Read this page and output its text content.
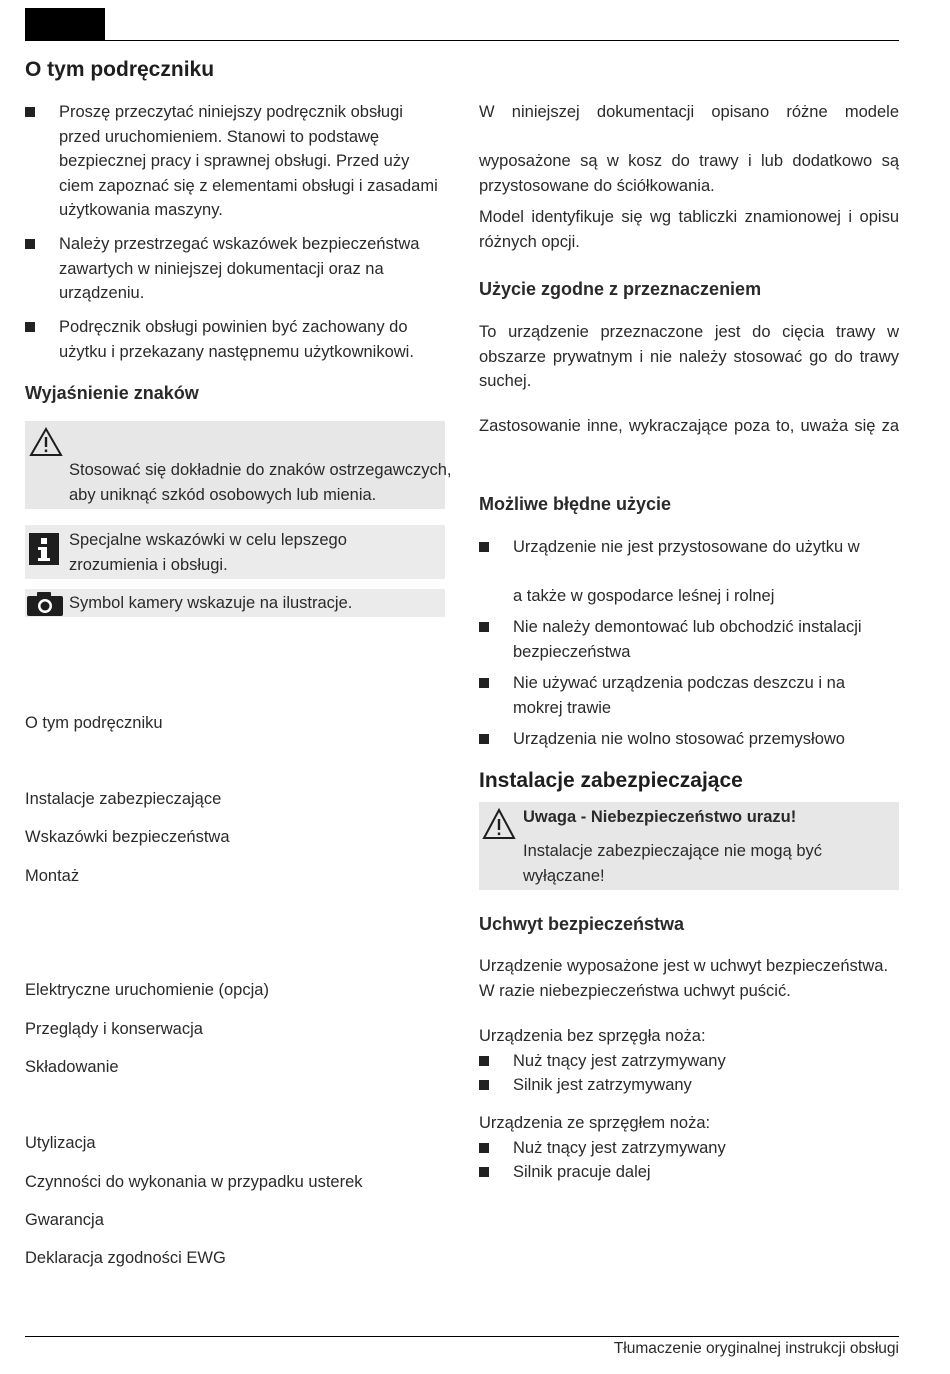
Tłumaczenie oryginalnej instrukcji obsługi
O tym podręczniku
Proszę przeczytać niniejszy podręcznik obsługi
przed uruchomieniem. Stanowi to podstawę
bezpiecznej pracy i sprawnej obsługi. Przed uży
ciem zapoznać się z elementami obsługi i zasadami
użytkowania maszyny.
Należy przestrzegać wskazówek bezpieczeństwa
zawartych w niniejszej dokumentacji oraz na
urządzeniu.
Podręcznik obsługi powinien być zachowany do
użytku i przekazany następnemu użytkownikowi.
Wyjaśnienie znaków
Stosować się dokładnie do znaków ostrzegawczych,
aby uniknąć szkód osobowych lub mienia.
Specjalne wskazówki w celu lepszego
zrozumienia i obsługi.
Symbol kamery wskazuje na ilustracje.
O tym podręczniku
Instalacje zabezpieczające
Wskazówki bezpieczeństwa
Montaż
Elektryczne uruchomienie (opcja)
Przeglądy i konserwacja
Składowanie
Utylizacja
Czynności do wykonania w przypadku usterek
Gwarancja
Deklaracja zgodności EWG
W niniejszej dokumentacji opisano różne modele
wyposażone są w kosz do trawy i lub dodatkowo są
przystosowane do ściółkowania.
Model identyfikuje się wg tabliczki znamionowej i opisu
różnych opcji.
Użycie zgodne z przeznaczeniem
To urządzenie przeznaczone jest do cięcia trawy w
obszarze prywatnym i nie należy stosować go do trawy
suchej.
Zastosowanie inne, wykraczające poza to, uważa się za
Możliwe błędne użycie
Urządzenie nie jest przystosowane do użytku w
a także w gospodarce leśnej i rolnej
Nie należy demontować lub obchodzić instalacji
bezpieczeństwa
Nie używać urządzenia podczas deszczu i na
mokrej trawie
Urządzenia nie wolno stosować przemysłowo
Instalacje zabezpieczające
Uwaga - Niebezpieczeństwo urazu!
Instalacje zabezpieczające nie mogą być
wyłączane!
Uchwyt bezpieczeństwa
Urządzenie wyposażone jest w uchwyt bezpieczeństwa.
W razie niebezpieczeństwa uchwyt puścić.
Urządzenia bez sprzęgła noża:
Nuż tnący jest zatrzymywany
Silnik jest zatrzymywany
Urządzenia ze sprzęgłem noża:
Nuż tnący jest zatrzymywany
Silnik pracuje dalej
